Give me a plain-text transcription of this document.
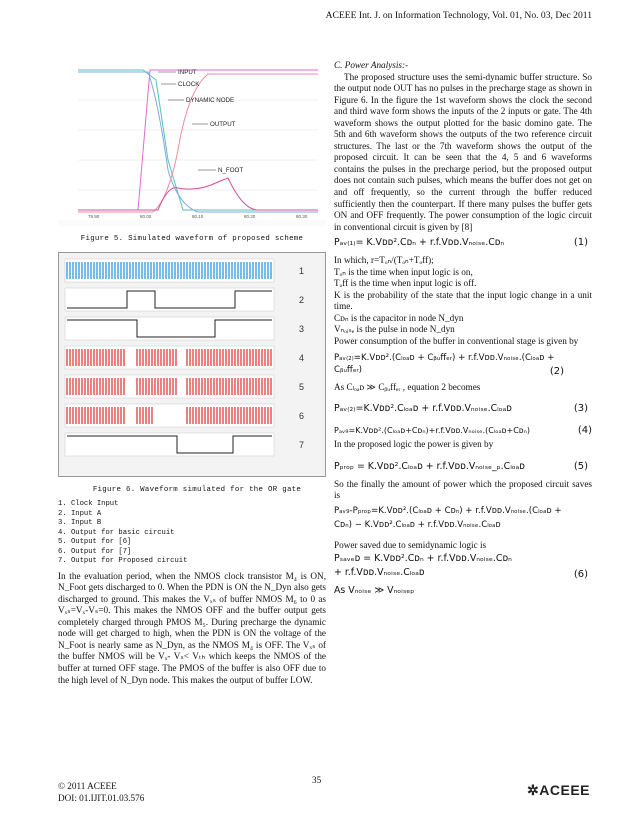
ACEEE Int. J. on Information Technology, Vol. 01, No. 03, Dec 2011
INPUT
CLOCK
DYNAMIC NODE
OUTPUT
N_FOOT
79.90	80.00	80.10	80.20	80.30
Figure 5. Simulated waveform of proposed scheme
1
2
3
4
5
6
7
Figure 6. Waveform simulated for the OR gate
1. Clock Input
2. Input A
3. Input B
4. Output for basic circuit
5. Output for [6]
6. Output for [7]
7. Output for Proposed circuit

In the evaluation period, when the NMOS clock transistor M₄ is ON, N_Foot gets discharged to 0. When the PDN is ON the N_Dyn also gets discharged to ground. This makes the Vₓₛ of buffer NMOS M₆ to 0 as Vₓₛ=Vₓ-Vₛ=0. This makes the NMOS OFF and the buffer output gets completely charged through PMOS M₅. During precharge the dynamic node will get charged to high, when the PDN is ON the voltage of the N_Foot is nearly same as N_Dyn, as the NMOS M₄ is OFF. The Vₓₛ of the buffer NMOS will be Vₓ- Vₛ< Vₜₕ which keeps the NMOS of the buffer at turned OFF stage. The PMOS of the buffer is also OFF due to the high level of N_Dyn node. This makes the output of buffer LOW.

C. Power Analysis:-

The proposed structure uses the semi-dynamic buffer structure. So the output node OUT has no pulses in the precharge stage as shown in Figure 6. In the figure the 1st waveform shows the clock the second and third wave form shows the inputs of the 2 inputs or gate. The 4th waveform shows the output plotted for the basic domino gate. The 5th and 6th waveform shows the outputs of the two reference circuit structures. The last or the 7th waveform shows the output of the proposed circuit. It can be seen that the 4, 5 and 6 waveforms contains the pulses in the precharge period, but the proposed output does not contain such pulses, which means the buffer does not get on and off frequently, so the current through the buffer reduced sufficiently then the counterpart. If there many pulses the buffer gets ON and OFF frequently. The power consumption of the logic circuit in conventional circuit is given by [8]

Pₐᵥ₍₁₎= K.Vᴅᴅ².Cᴅₙ + r.f.Vᴅᴅ.Vₙₒᵢₛₑ.Cᴅₙ	(1)

In which, r=Tₒₙ/(Tₒₙ+Tₒff);

Tₒₙ is the time when input logic is on,

Tₒff is the time when input logic is off.

K is the probability of the state that the input logic change in a unit time.

Cᴅₙ is the capacitor in node N_dyn

Vₙₒᵢₛₑ is the pulse in node N_dyn

Power consumption of the buffer in conventional stage is given by

Pₐᵥ₍₂₎=K.Vᴅᴅ².(Cₗₒₐᴅ + Cᵦᵤffₑᵣ) + r.f.Vᴅᴅ.Vₙₒᵢₛₑ.(Cₗₒₐᴅ + Cᵦᵤffₑᵣ)	(2)

As Cₗₒₐᴅ ≫ Cᵦᵤffₑᵣ , equation 2 becomes

Pₐᵥ₍₂₎=K.Vᴅᴅ².Cₗₒₐᴅ + r.f.Vᴅᴅ.Vₙₒᵢₛₑ.Cₗₒₐᴅ	(3)
Pₐᵥ₉=K.Vᴅᴅ².(Cₗₒₐᴅ+Cᴅₙ)+r.f.Vᴅᴅ.Vₙₒᵢₛₑ.(Cₗₒₐᴅ+Cᴅₙ)	(4)

In the proposed logic the power is given by

Pₚᵣₒₚ = K.Vᴅᴅ².Cₗₒₐᴅ + r.f.Vᴅᴅ.Vₙₒᵢₛₑ_ₚ.Cₗₒₐᴅ	(5)

So the finally the amount of power which the proposed circuit saves is

Pₐᵥ₉-Pₚᵣₒₚ=K.Vᴅᴅ².(Cₗₒₐᴅ + Cᴅₙ) + r.f.Vᴅᴅ.Vₙₒᵢₛₑ.(Cₗₒₐᴅ +
Cᴅₙ) − K.Vᴅᴅ².Cₗₒₐᴅ + r.f.Vᴅᴅ.Vₙₒᵢₛₑ.Cₗₒₐᴅ

Power saved due to semidynamic logic is

Pₛₐᵥₑᴅ = K.Vᴅᴅ².Cᴅₙ + r.f.Vᴅᴅ.Vₙₒᵢₛₑ.Cᴅₙ
+ r.f.Vᴅᴅ.Vₙₒᵢₛₑ.Cₗₒₐᴅ	(6)
As Vₙₒᵢₛₑ ≫ Vₙₒᵢₛₑₚ
© 2011 ACEEE
DOI: 01.IJIT.01.03.576
35
✲ACEEE
